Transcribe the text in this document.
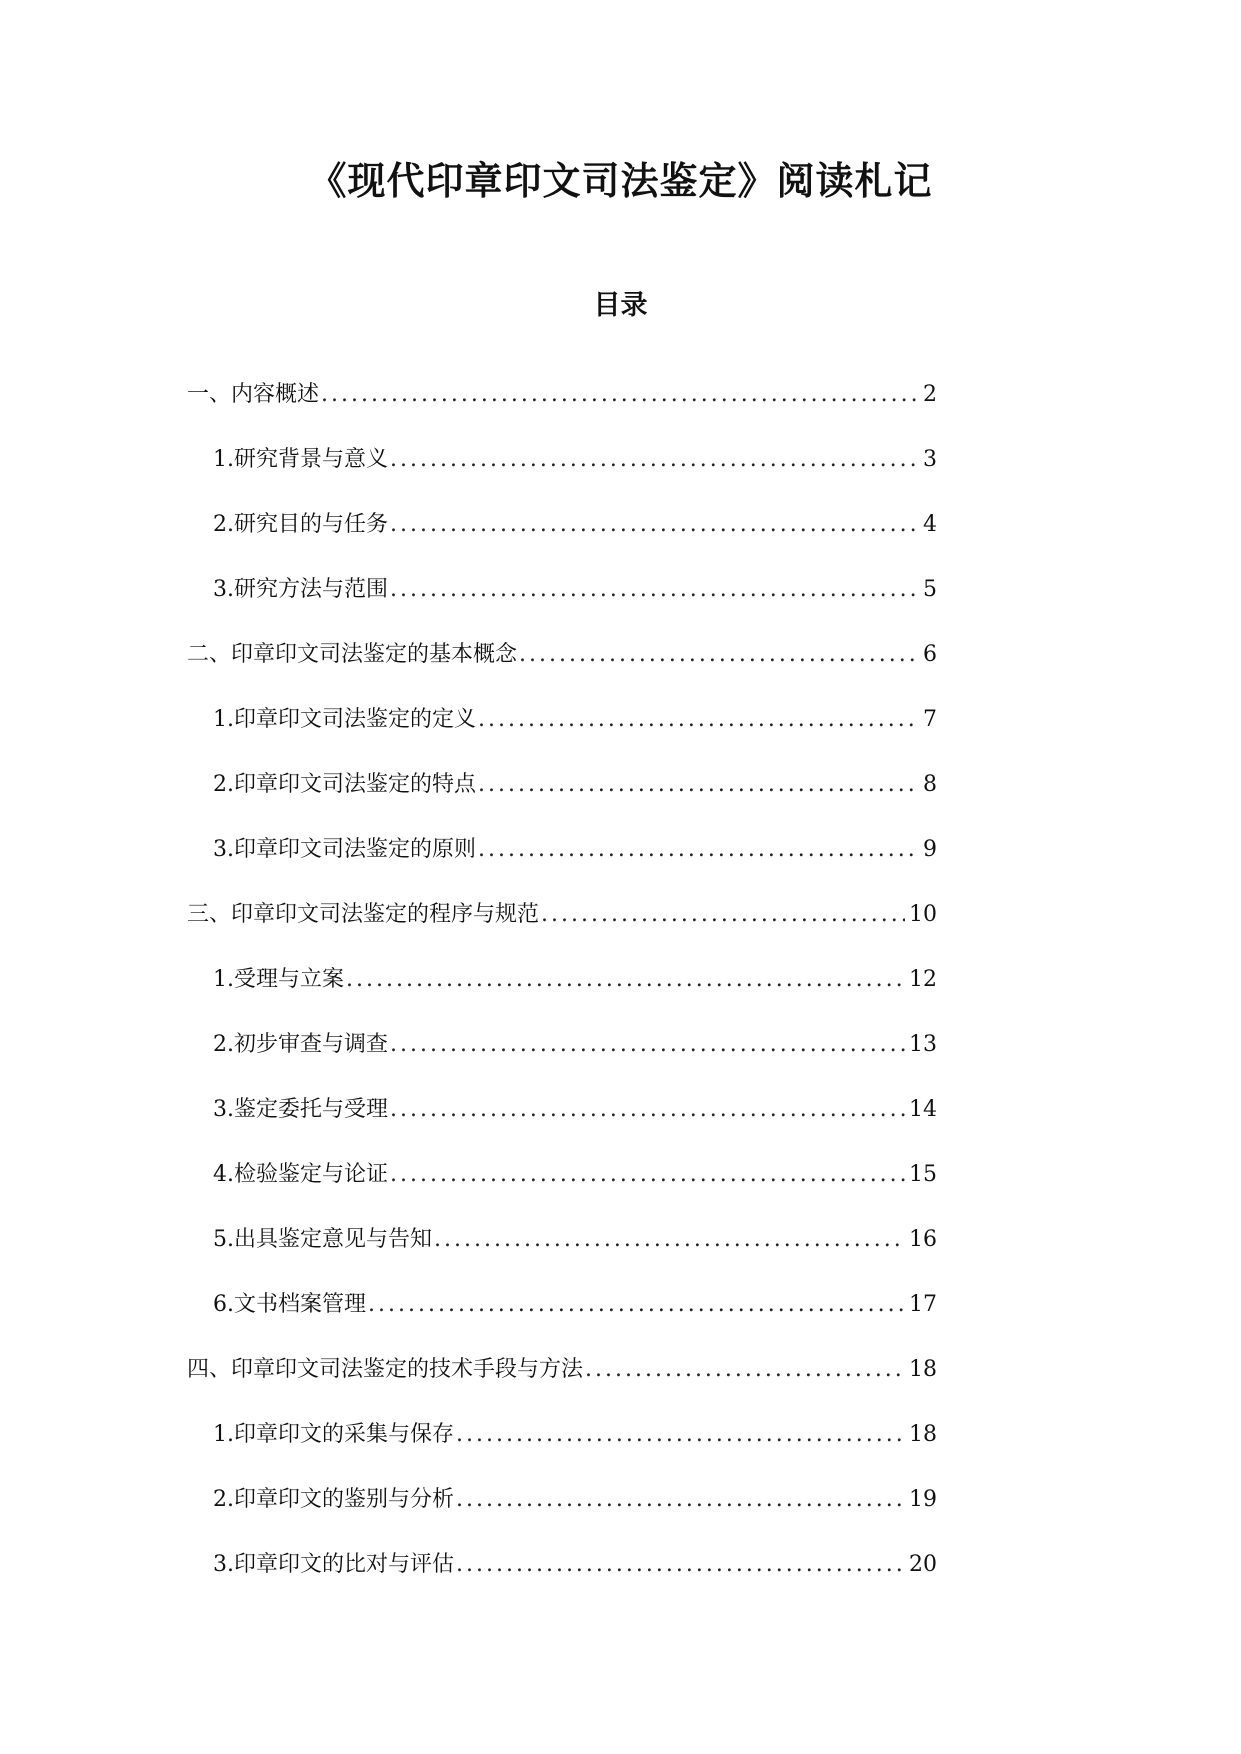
《现代印章印文司法鉴定》阅读札记
目录
一、内容概述 .....	2
1. 研究背景与意义 .....	3
2. 研究目的与任务 .....	4
3. 研究方法与范围 .....	5
二、印章印文司法鉴定的基本概念 .....	6
1. 印章印文司法鉴定的定义 .....	7
2. 印章印文司法鉴定的特点 .....	8
3. 印章印文司法鉴定的原则 .....	9
三、印章印文司法鉴定的程序与规范 .....	10
1. 受理与立案 .....	12
2. 初步审查与调查 .....	13
3. 鉴定委托与受理 .....	14
4. 检验鉴定与论证 .....	15
5. 出具鉴定意见与告知 .....	16
6. 文书档案管理 .....	17
四、印章印文司法鉴定的技术手段与方法 .....	18
1. 印章印文的采集与保存 .....	18
2. 印章印文的鉴别与分析 .....	19
3. 印章印文的比对与评估 .....	20
